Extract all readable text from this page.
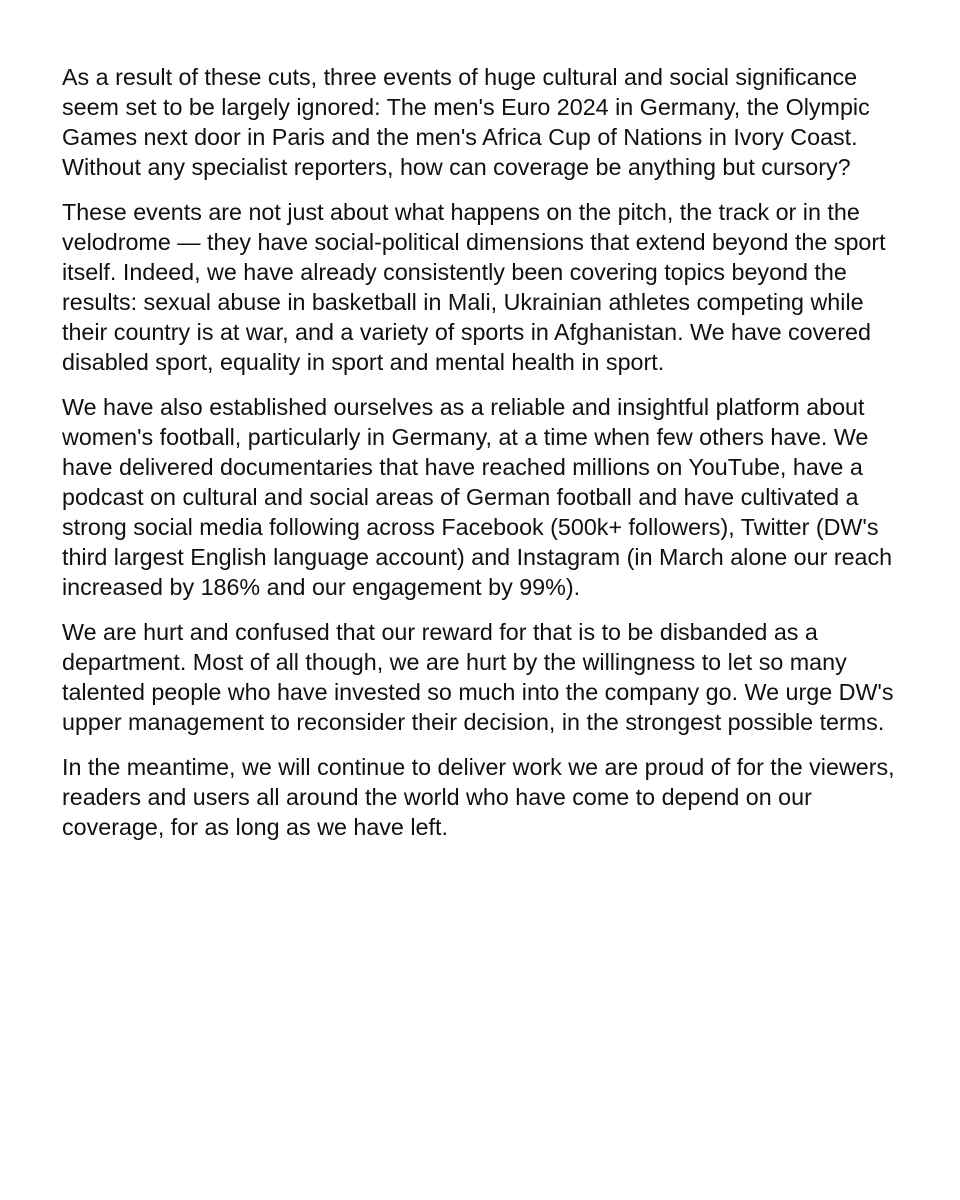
As a result of these cuts, three events of huge cultural and social significance seem set to be largely ignored: The men's Euro 2024 in Germany, the Olympic Games next door in Paris and the men's Africa Cup of Nations in Ivory Coast. Without any specialist reporters, how can coverage be anything but cursory?

These events are not just about what happens on the pitch, the track or in the velodrome — they have social-political dimensions that extend beyond the sport itself. Indeed, we have already consistently been covering topics beyond the results: sexual abuse in basketball in Mali, Ukrainian athletes competing while their country is at war, and a variety of sports in Afghanistan. We have covered disabled sport, equality in sport and mental health in sport.

We have also established ourselves as a reliable and insightful platform about women's football, particularly in Germany, at a time when few others have. We have delivered documentaries that have reached millions on YouTube, have a podcast on cultural and social areas of German football and have cultivated a strong social media following across Facebook (500k+ followers), Twitter (DW's third largest English language account) and Instagram (in March alone our reach increased by 186% and our engagement by 99%).

We are hurt and confused that our reward for that is to be disbanded as a department. Most of all though, we are hurt by the willingness to let so many talented people who have invested so much into the company go. We urge DW's upper management to reconsider their decision, in the strongest possible terms.

In the meantime, we will continue to deliver work we are proud of for the viewers, readers and users all around the world who have come to depend on our coverage, for as long as we have left.
